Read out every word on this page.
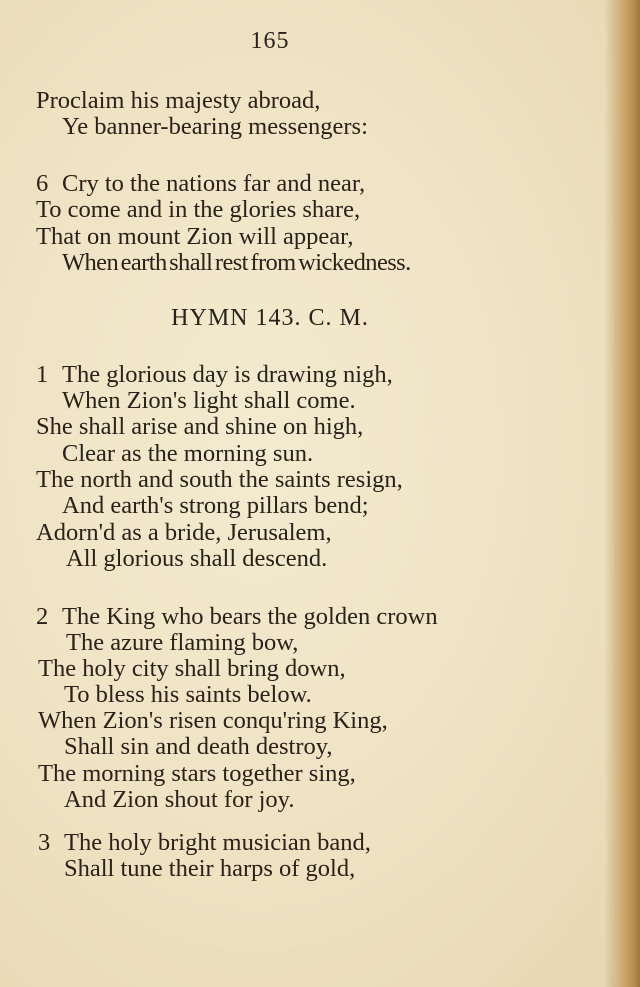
165
Proclaim his majesty abroad,
Ye banner-bearing messengers:
6 Cry to the nations far and near,
To come and in the glories share,
That on mount Zion will appear,
When earth shall rest from wickedness.
HYMN 143. C. M.
1 The glorious day is drawing nigh,
When Zion's light shall come.
She shall arise and shine on high,
Clear as the morning sun.
The north and south the saints resign,
And earth's strong pillars bend;
Adorn'd as a bride, Jerusalem,
All glorious shall descend.
2 The King who bears the golden crown
The azure flaming bow,
The holy city shall bring down,
To bless his saints below.
When Zion's risen conqu'ring King,
Shall sin and death destroy,
The morning stars together sing,
And Zion shout for joy.
3 The holy bright musician band,
Shall tune their harps of gold,
